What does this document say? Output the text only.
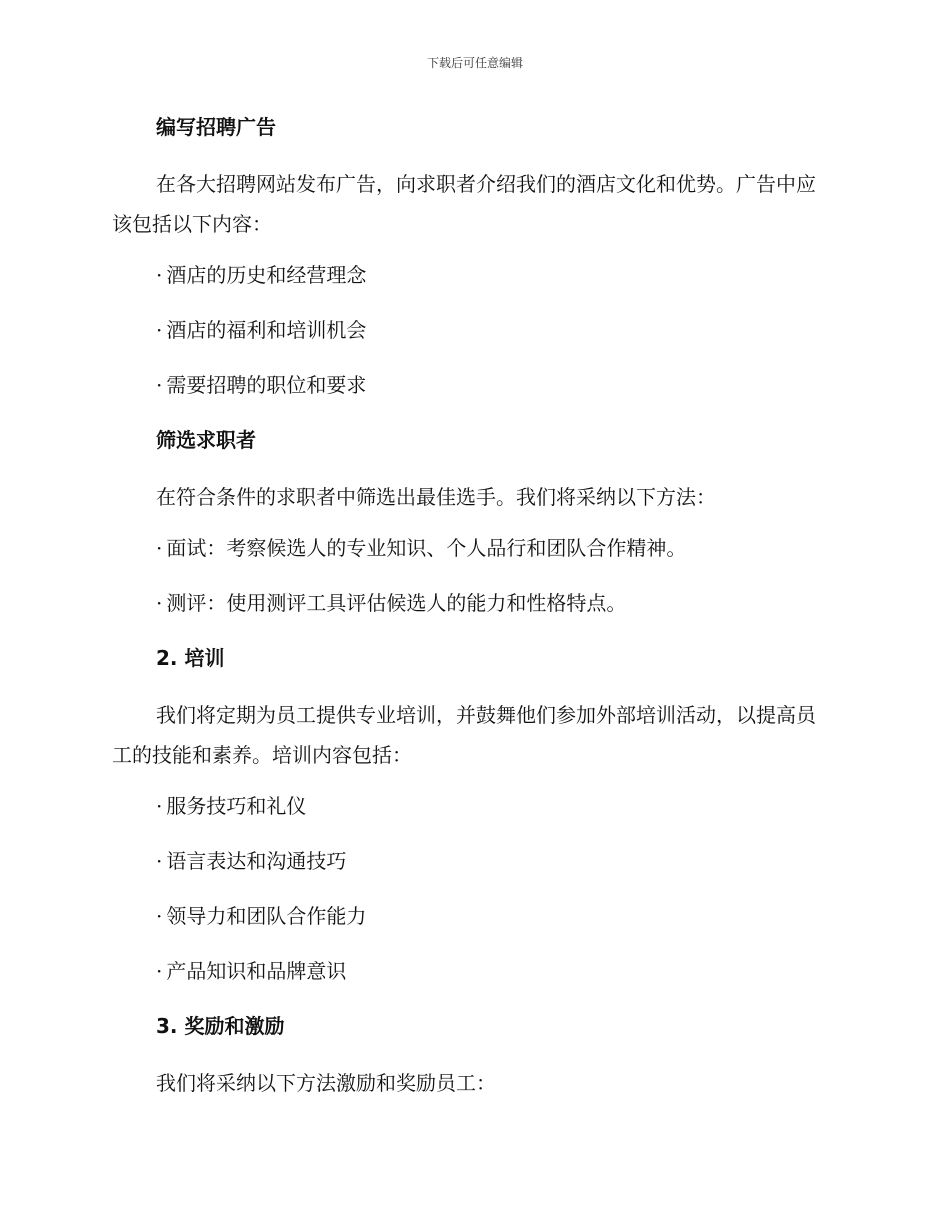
下载后可任意编辑
编写招聘广告
在各大招聘网站发布广告，向求职者介绍我们的酒店文化和优势。广告中应该包括以下内容：
· 酒店的历史和经营理念
· 酒店的福利和培训机会
· 需要招聘的职位和要求
筛选求职者
在符合条件的求职者中筛选出最佳选手。我们将采纳以下方法：
· 面试：考察候选人的专业知识、个人品行和团队合作精神。
· 测评：使用测评工具评估候选人的能力和性格特点。
2. 培训
我们将定期为员工提供专业培训，并鼓舞他们参加外部培训活动，以提高员工的技能和素养。培训内容包括：
· 服务技巧和礼仪
· 语言表达和沟通技巧
· 领导力和团队合作能力
· 产品知识和品牌意识
3. 奖励和激励
我们将采纳以下方法激励和奖励员工：
